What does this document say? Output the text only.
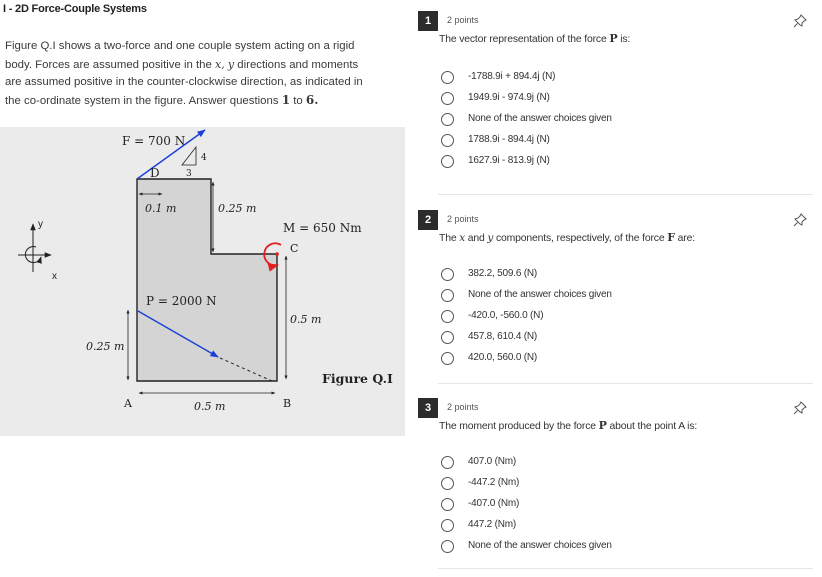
I - 2D Force-Couple Systems
Figure Q.I shows a two-force and one couple system acting on a rigid
body. Forces are assumed positive in the x, y directions and moments
are assumed positive in the counter-clockwise direction, as indicated in
the co-ordinate system in the figure. Answer questions 1 to 6.
F = 700 N
4
3
D
0.1 m	0.25 m
0.25 m
0.5 m
0.5 m
M = 650 Nm
C
P = 2000 N
A	B
Figure Q.I
y
x
1	2 points
The vector representation of the force P is:
-1788.9i + 894.4j (N)
1949.9i - 974.9j (N)
None of the answer choices given
1788.9i - 894.4j (N)
1627.9i - 813.9j (N)
2	2 points
The x and y components, respectively, of the force F are:
382.2, 509.6 (N)
None of the answer choices given
-420.0, -560.0 (N)
457.8, 610.4 (N)
420.0, 560.0 (N)
3	2 points
The moment produced by the force P about the point A is:
407.0 (Nm)
-447.2 (Nm)
-407.0 (Nm)
447.2 (Nm)
None of the answer choices given
